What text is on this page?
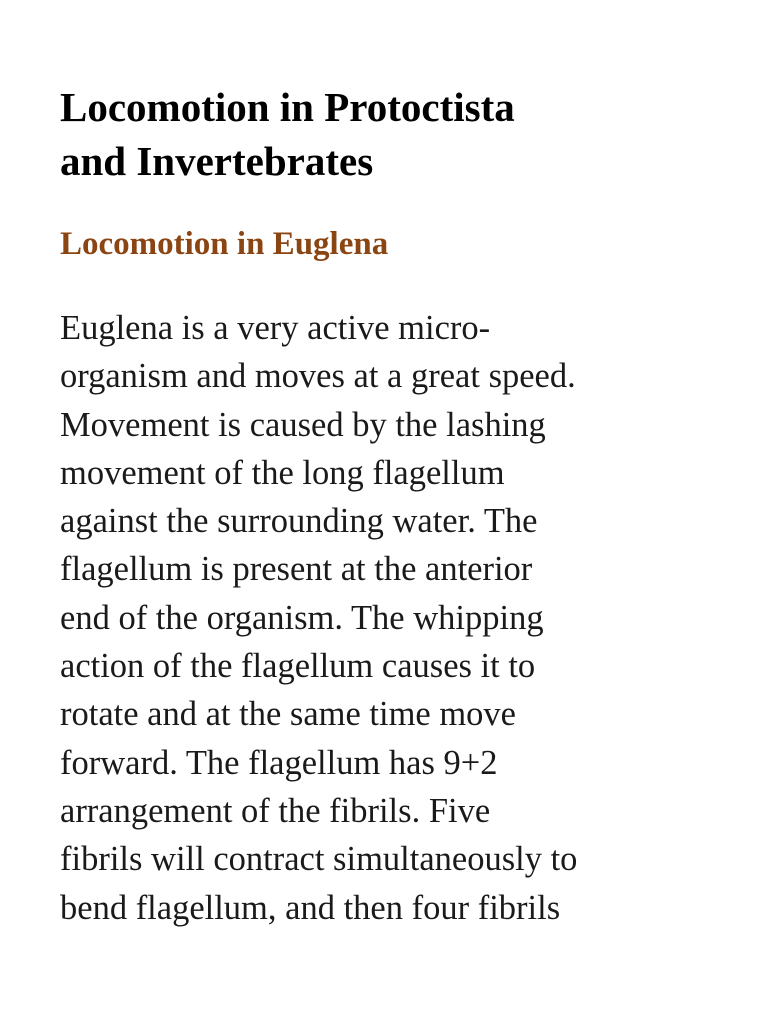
Locomotion in Protoctista
and Invertebrates
Locomotion in Euglena

Euglena is a very active micro-
organism and moves at a great speed.
Movement is caused by the lashing
movement of the long flagellum
against the surrounding water. The
flagellum is present at the anterior
end of the organism. The whipping
action of the flagellum causes it to
rotate and at the same time move
forward. The flagellum has 9+2
arrangement of the fibrils. Five
fibrils will contract simultaneously to
bend flagellum, and then four fibrils
